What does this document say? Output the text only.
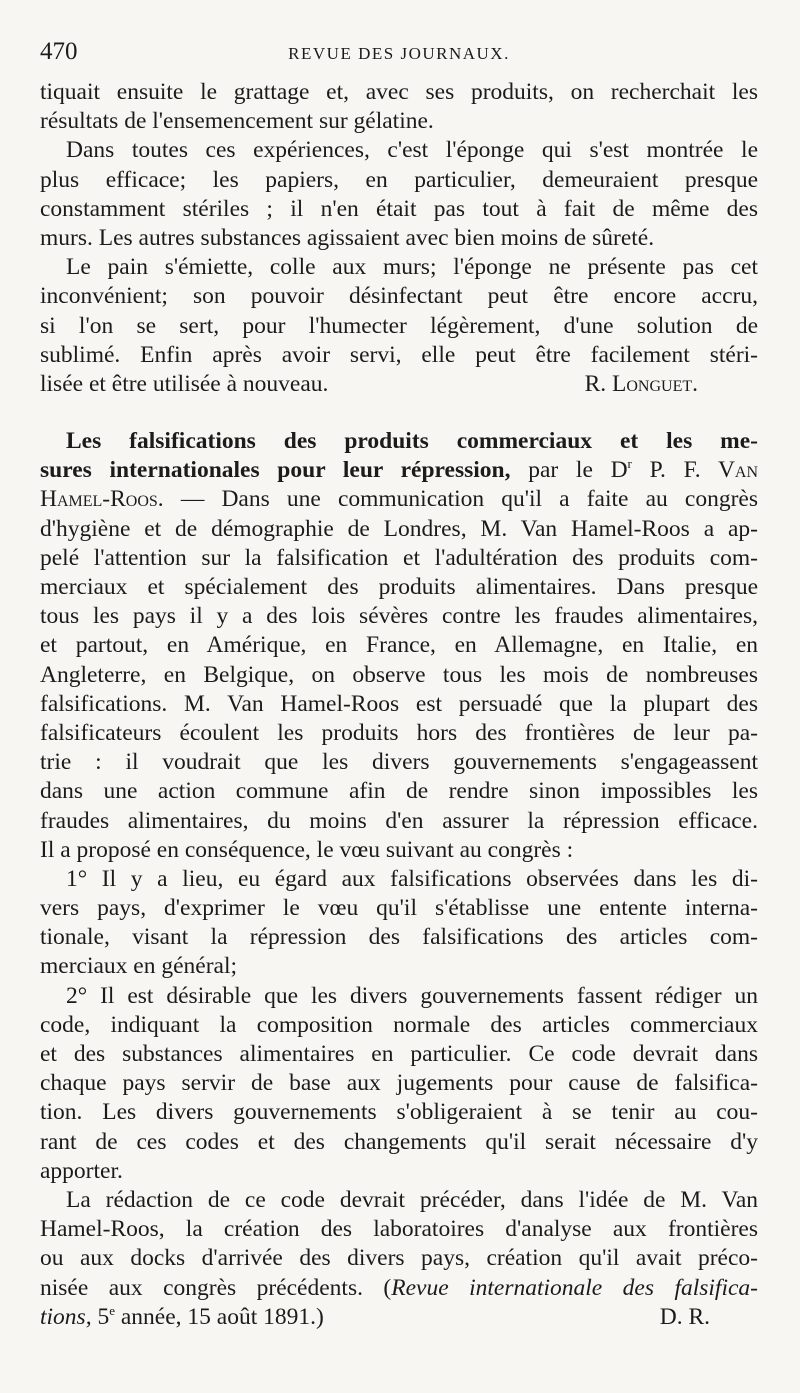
470	REVUE DES JOURNAUX.
tiquait ensuite le grattage et, avec ses produits, on recherchait les
résultats de l'ensemencement sur gélatine.
Dans toutes ces expériences, c'est l'éponge qui s'est montrée le
plus efficace; les papiers, en particulier, demeuraient presque
constamment stériles ; il n'en était pas tout à fait de même des
murs. Les autres substances agissaient avec bien moins de sûreté.
Le pain s'émiette, colle aux murs; l'éponge ne présente pas cet
inconvénient; son pouvoir désinfectant peut être encore accru,
si l'on se sert, pour l'humecter légèrement, d'une solution de
sublimé. Enfin après avoir servi, elle peut être facilement stéri-
lisée et être utilisée à nouveau.	R. Longuet.
Les falsifications des produits commerciaux et les me-
sures internationales pour leur répression, par le $D^r$ P. F. Van
Hamel-Roos. — Dans une communication qu'il a faite au congrès
d'hygiène et de démographie de Londres, M. Van Hamel-Roos a ap-
pelé l'attention sur la falsification et l'adultération des produits com-
merciaux et spécialement des produits alimentaires. Dans presque
tous les pays il y a des lois sévères contre les fraudes alimentaires,
et partout, en Amérique, en France, en Allemagne, en Italie, en
Angleterre, en Belgique, on observe tous les mois de nombreuses
falsifications. M. Van Hamel-Roos est persuadé que la plupart des
falsificateurs écoulent les produits hors des frontières de leur pa-
trie : il voudrait que les divers gouvernements s'engageassent
dans une action commune afin de rendre sinon impossibles les
fraudes alimentaires, du moins d'en assurer la répression efficace.
Il a proposé en conséquence, le vœu suivant au congrès :
1° Il y a lieu, eu égard aux falsifications observées dans les di-
vers pays, d'exprimer le vœu qu'il s'établisse une entente interna-
tionale, visant la répression des falsifications des articles com-
merciaux en général;
2° Il est désirable que les divers gouvernements fassent rédiger un
code, indiquant la composition normale des articles commerciaux
et des substances alimentaires en particulier. Ce code devrait dans
chaque pays servir de base aux jugements pour cause de falsifica-
tion. Les divers gouvernements s'obligeraient à se tenir au cou-
rant de ces codes et des changements qu'il serait nécessaire d'y
apporter.
La rédaction de ce code devrait précéder, dans l'idée de M. Van
Hamel-Roos, la création des laboratoires d'analyse aux frontières
ou aux docks d'arrivée des divers pays, création qu'il avait préco-
nisée aux congrès précédents. (Revue internationale des falsifica-
tions, 5e année, 15 août 1891.)	D. R.
